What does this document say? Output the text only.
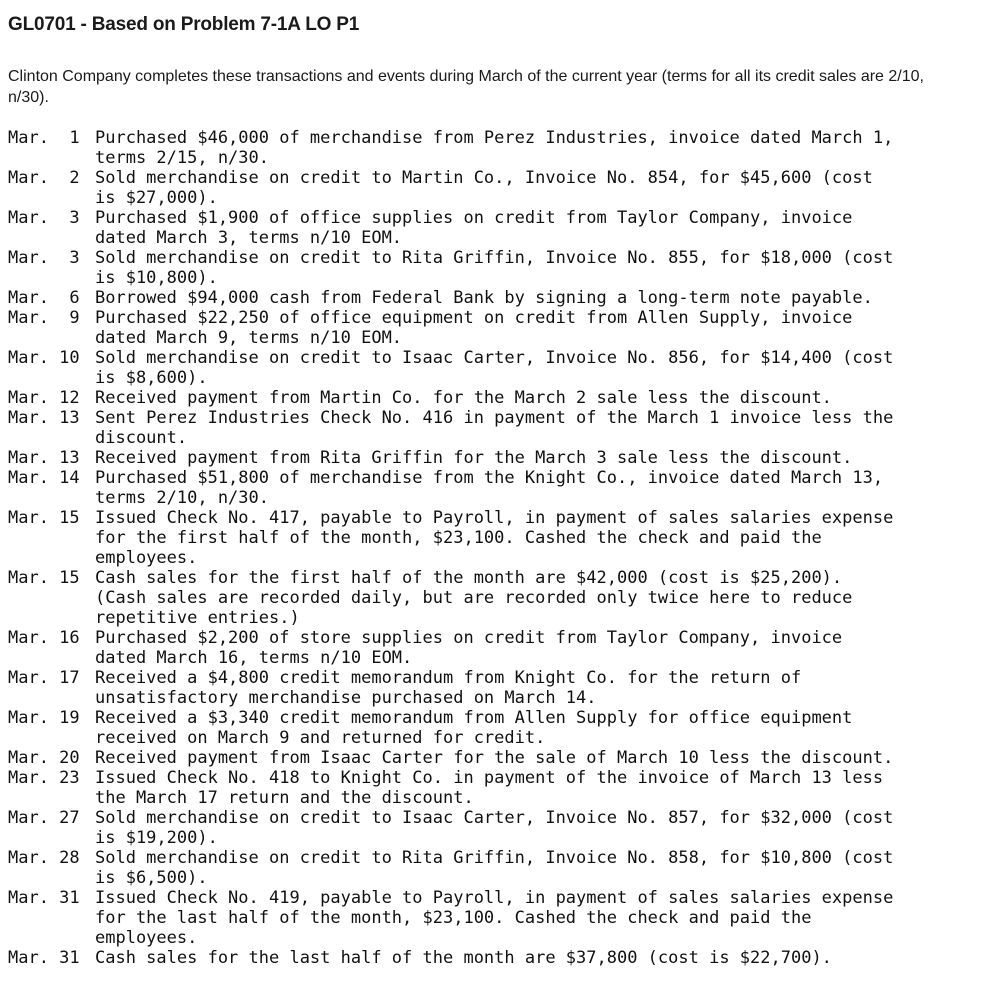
GL0701 - Based on Problem 7-1A LO P1
Clinton Company completes these transactions and events during March of the current year (terms for all its credit sales are 2/10, n/30).
Mar.  1 Purchased $46,000 of merchandise from Perez Industries, invoice dated March 1,
terms 2/15, n/30.
Mar.  2 Sold merchandise on credit to Martin Co., Invoice No. 854, for $45,600 (cost
is $27,000).
Mar.  3 Purchased $1,900 of office supplies on credit from Taylor Company, invoice
dated March 3, terms n/10 EOM.
Mar.  3 Sold merchandise on credit to Rita Griffin, Invoice No. 855, for $18,000 (cost
is $10,800).
Mar.  6 Borrowed $94,000 cash from Federal Bank by signing a long-term note payable.
Mar.  9 Purchased $22,250 of office equipment on credit from Allen Supply, invoice
dated March 9, terms n/10 EOM.
Mar. 10 Sold merchandise on credit to Isaac Carter, Invoice No. 856, for $14,400 (cost
is $8,600).
Mar. 12 Received payment from Martin Co. for the March 2 sale less the discount.
Mar. 13 Sent Perez Industries Check No. 416 in payment of the March 1 invoice less the
discount.
Mar. 13 Received payment from Rita Griffin for the March 3 sale less the discount.
Mar. 14 Purchased $51,800 of merchandise from the Knight Co., invoice dated March 13,
terms 2/10, n/30.
Mar. 15 Issued Check No. 417, payable to Payroll, in payment of sales salaries expense
for the first half of the month, $23,100. Cashed the check and paid the
employees.
Mar. 15 Cash sales for the first half of the month are $42,000 (cost is $25,200).
(Cash sales are recorded daily, but are recorded only twice here to reduce
repetitive entries.)
Mar. 16 Purchased $2,200 of store supplies on credit from Taylor Company, invoice
dated March 16, terms n/10 EOM.
Mar. 17 Received a $4,800 credit memorandum from Knight Co. for the return of
unsatisfactory merchandise purchased on March 14.
Mar. 19 Received a $3,340 credit memorandum from Allen Supply for office equipment
received on March 9 and returned for credit.
Mar. 20 Received payment from Isaac Carter for the sale of March 10 less the discount.
Mar. 23 Issued Check No. 418 to Knight Co. in payment of the invoice of March 13 less
the March 17 return and the discount.
Mar. 27 Sold merchandise on credit to Isaac Carter, Invoice No. 857, for $32,000 (cost
is $19,200).
Mar. 28 Sold merchandise on credit to Rita Griffin, Invoice No. 858, for $10,800 (cost
is $6,500).
Mar. 31 Issued Check No. 419, payable to Payroll, in payment of sales salaries expense
for the last half of the month, $23,100. Cashed the check and paid the
employees.
Mar. 31 Cash sales for the last half of the month are $37,800 (cost is $22,700).
